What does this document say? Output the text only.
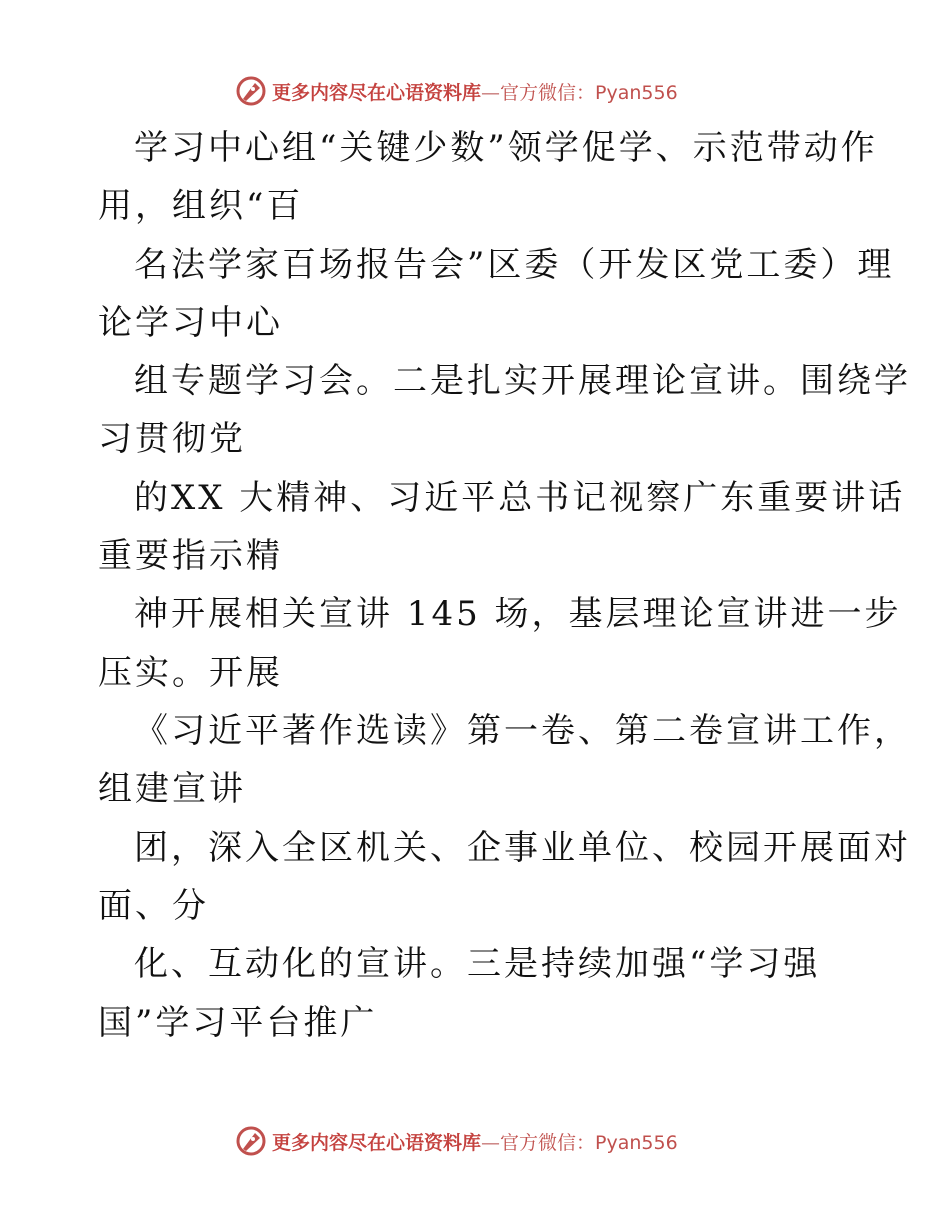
更多内容尽在心语资料库—官方微信：Pyan556
学习中心组“关键少数”领学促学、示范带动作
用，组织“百
名法学家百场报告会”区委（开发区党工委）理
论学习中心
组专题学习会。二是扎实开展理论宣讲。围绕学
习贯彻党
的XX 大精神、习近平总书记视察广东重要讲话
重要指示精
神开展相关宣讲 145 场，基层理论宣讲进一步
压实。开展
《习近平著作选读》第一卷、第二卷宣讲工作，
组建宣讲
团，深入全区机关、企事业单位、校园开展面对
面、分
化、互动化的宣讲。三是持续加强“学习强
国”学习平台推广
更多内容尽在心语资料库—官方微信：Pyan556
